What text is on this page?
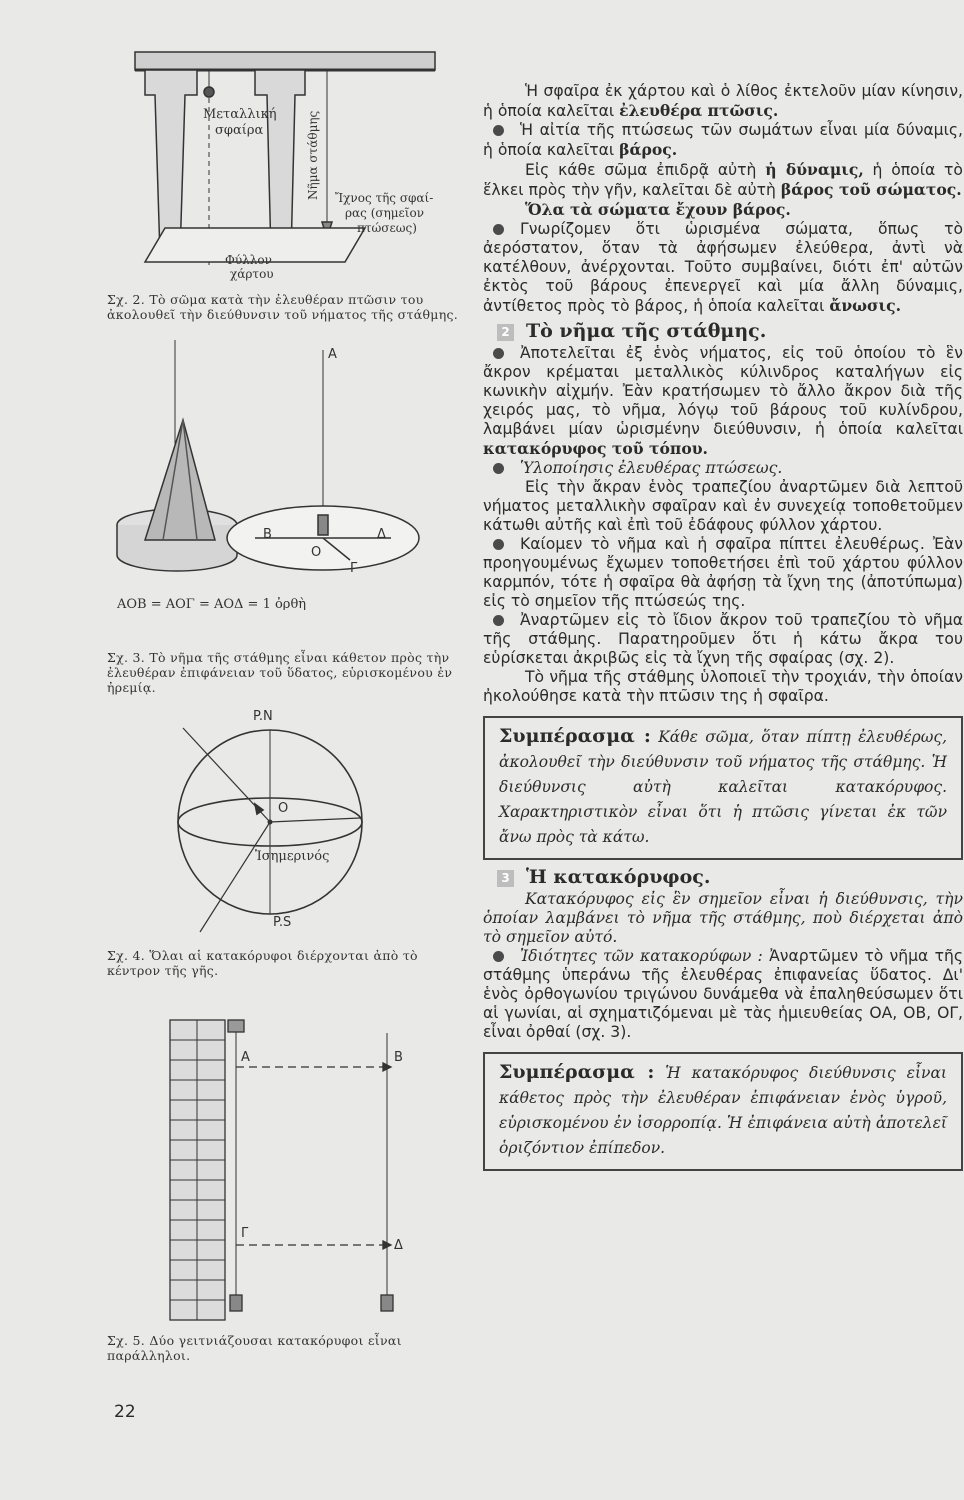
Μεταλλική
σφαίρα	Νῆμα στάθμης Ἴχνος τῆς σφαί-
ρας (σημεῖον
πτώσεως)
Φύλλον
χάρτου
Σχ. 2. Τὸ σῶμα κατὰ τὴν ἐλευθέραν πτῶσιν του ἀκολουθεῖ τὴν διεύθυνσιν τοῦ νήματος τῆς στάθμης.
Α
Β
Ο
Γ
Δ
ΑΟΒ = ΑΟΓ = ΑΟΔ = 1 ὀρθὴ
Σχ. 3. Τὸ νῆμα τῆς στάθμης εἶναι κάθετον πρὸς τὴν ἐλευθέραν ἐπιφάνειαν τοῦ ὕδατος, εὑρισκομένου ἐν ἠρεμίᾳ.
P.N
O
Ἰσημερινός
P.S
Σχ. 4. Ὅλαι αἱ κατακόρυφοι διέρχονται ἀπὸ τὸ κέντρον τῆς γῆς.
A	B
Γ
Δ
Σχ. 5. Δύο γειτνιάζουσαι κατακόρυφοι εἶναι παράλληλοι.
22

Ἡ σφαῖρα ἐκ χάρτου καὶ ὁ λίθος ἐκτελοῦν μίαν κίνησιν, ἡ ὁποία καλεῖται ἐλευθέρα πτῶσις.

Ἡ αἰτία τῆς πτώσεως τῶν σωμάτων εἶναι μία δύναμις, ἡ ὁποία καλεῖται βάρος.

Εἰς κάθε σῶμα ἐπιδρᾷ αὐτὴ ἡ δύναμις, ἡ ὁποία τὸ ἕλκει πρὸς τὴν γῆν, καλεῖται δὲ αὐτὴ βάρος τοῦ σώματος.

Ὅλα τὰ σώματα ἔχουν βάρος.

Γνωρίζομεν ὅτι ὡρισμένα σώματα, ὅπως τὸ ἀερόστατον, ὅταν τὰ ἀφήσωμεν ἐλεύθερα, ἀντὶ νὰ κατέλθουν, ἀνέρχονται. Τοῦτο συμβαίνει, διότι ἐπ' αὐτῶν ἐκτὸς τοῦ βάρους ἐπενεργεῖ καὶ μία ἄλλη δύναμις, ἀντίθετος πρὸς τὸ βάρος, ἡ ὁποία καλεῖται ἄνωσις.

2 Τὸ νῆμα τῆς στάθμης.

Ἀποτελεῖται ἐξ ἑνὸς νήματος, εἰς τοῦ ὁποίου τὸ ἓν ἄκρον κρέμαται μεταλλικὸς κύλινδρος καταλήγων εἰς κωνικὴν αἰχμήν. Ἐὰν κρατήσωμεν τὸ ἄλλο ἄκρον διὰ τῆς χειρός μας, τὸ νῆμα, λόγῳ τοῦ βάρους τοῦ κυλίνδρου, λαμβάνει μίαν ὡρισμένην διεύθυνσιν, ἡ ὁποία καλεῖται κατακόρυφος τοῦ τόπου.

Ὑλοποίησις ἐλευθέρας πτώσεως.

Εἰς τὴν ἄκραν ἑνὸς τραπεζίου ἀναρτῶμεν διὰ λεπτοῦ νήματος μεταλλικὴν σφαῖραν καὶ ἐν συνεχείᾳ τοποθετοῦμεν κάτωθι αὐτῆς καὶ ἐπὶ τοῦ ἐδάφους φύλλον χάρτου.

Καίομεν τὸ νῆμα καὶ ἡ σφαῖρα πίπτει ἐλευθέρως. Ἐὰν προηγουμένως ἔχωμεν τοποθετήσει ἐπὶ τοῦ χάρτου φύλλον καρμπόν, τότε ἡ σφαῖρα θὰ ἀφήσῃ τὰ ἴχνη της (ἀποτύπωμα) εἰς τὸ σημεῖον τῆς πτώσεώς της.

Ἀναρτῶμεν εἰς τὸ ἴδιον ἄκρον τοῦ τραπεζίου τὸ νῆμα τῆς στάθμης. Παρατηροῦμεν ὅτι ἡ κάτω ἄκρα του εὑρίσκεται ἀκριβῶς εἰς τὰ ἴχνη τῆς σφαίρας (σχ. 2).

Τὸ νῆμα τῆς στάθμης ὑλοποιεῖ τὴν τροχιάν, τὴν ὁποίαν ἠκολούθησε κατὰ τὴν πτῶσιν της ἡ σφαῖρα.

Συμπέρασμα : Κάθε σῶμα, ὅταν πίπτῃ ἐλευθέρως, ἀκολουθεῖ τὴν διεύθυνσιν τοῦ νήματος τῆς στάθμης. Ἡ διεύθυνσις αὐτὴ καλεῖται κατακόρυφος. Χαρακτηριστικὸν εἶναι ὅτι ἡ πτῶσις γίνεται ἐκ τῶν ἄνω πρὸς τὰ κάτω.

3 Ἡ κατακόρυφος.

Κατακόρυφος εἰς ἓν σημεῖον εἶναι ἡ διεύθυνσις, τὴν ὁποίαν λαμβάνει τὸ νῆμα τῆς στάθμης, ποὺ διέρχεται ἀπὸ τὸ σημεῖον αὐτό.

Ἰδιότητες τῶν κατακορύφων : Ἀναρτῶμεν τὸ νῆμα τῆς στάθμης ὑπεράνω τῆς ἐλευθέρας ἐπιφανείας ὕδατος. Δι' ἑνὸς ὀρθογωνίου τριγώνου δυνάμεθα νὰ ἐπαληθεύσωμεν ὅτι αἱ γωνίαι, αἱ σχηματιζόμεναι μὲ τὰς ἡμιευθείας ΟΑ, ΟΒ, ΟΓ, εἶναι ὀρθαί (σχ. 3).

Συμπέρασμα : Ἡ κατακόρυφος διεύθυνσις εἶναι κάθετος πρὸς τὴν ἐλευθέραν ἐπιφάνειαν ἑνὸς ὑγροῦ, εὑρισκομένου ἐν ἰσορροπίᾳ. Ἡ ἐπιφάνεια αὐτὴ ἀποτελεῖ ὁριζόντιον ἐπίπεδον.
